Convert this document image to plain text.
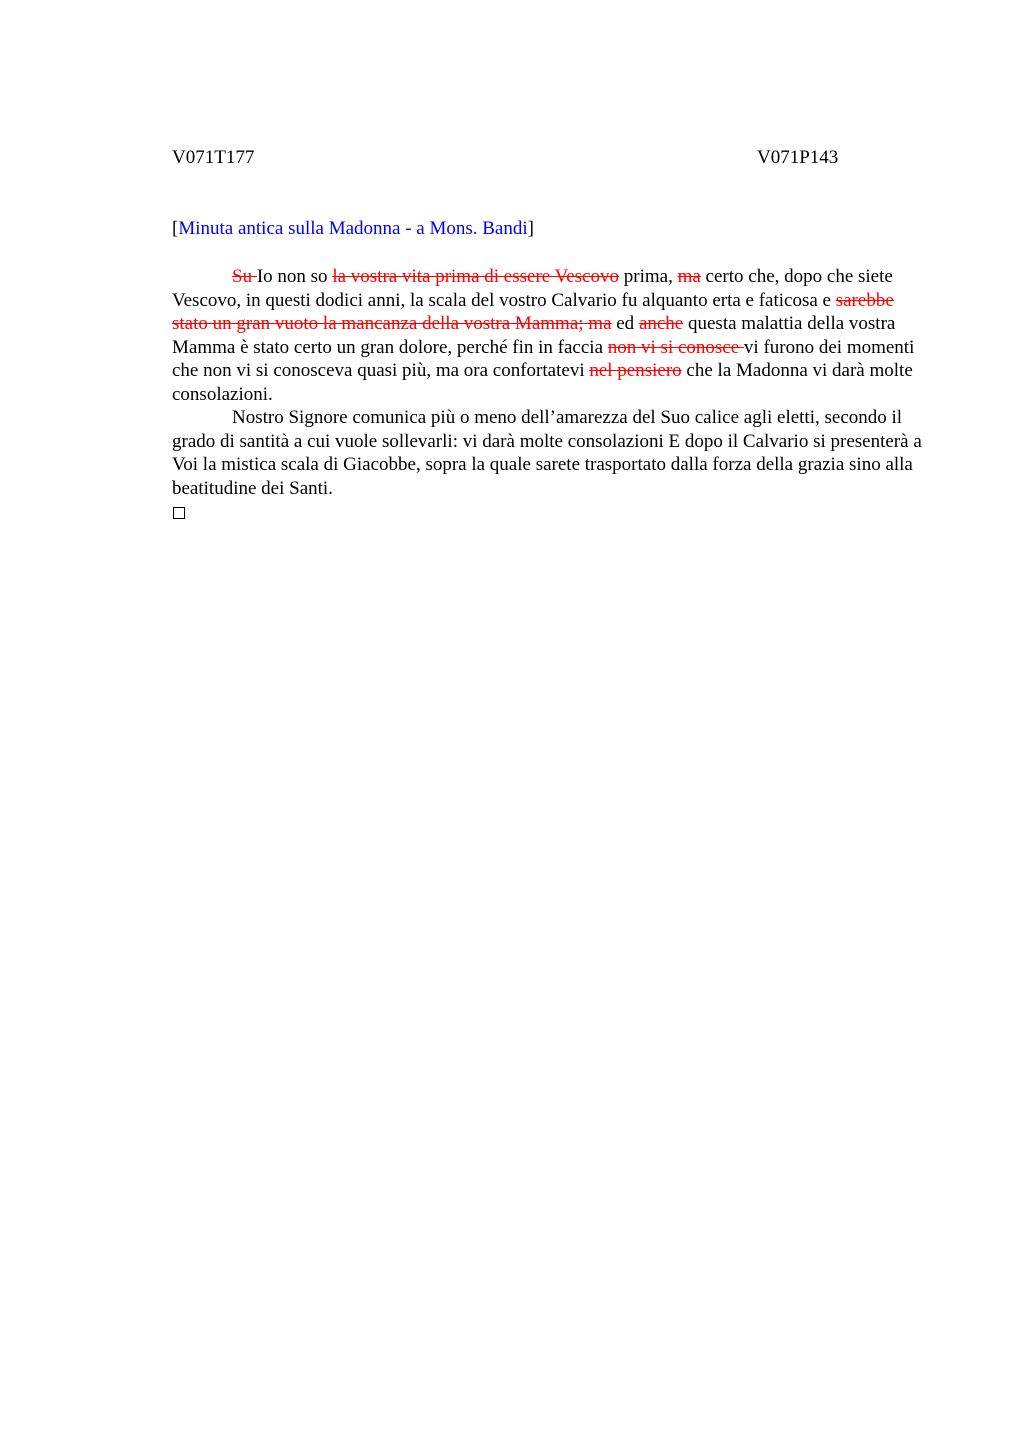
V071T177	V071P143
[Minuta antica sulla Madonna - a Mons. Bandi]

Su Io non so la vostra vita prima di essere Vescovo prima, ma certo che, dopo che siete Vescovo, in questi dodici anni, la scala del vostro Calvario fu alquanto erta e faticosa e sarebbe stato un gran vuoto la mancanza della vostra Mamma; ma ed anche questa malattia della vostra Mamma è stato certo un gran dolore, perché fin in faccia non vi si conosce vi furono dei momenti che non vi si conosceva quasi più, ma ora confortatevi nel pensiero che la Madonna vi darà molte consolazioni.

Nostro Signore comunica più o meno dell’amarezza del Suo calice agli eletti, secondo il grado di santità a cui vuole sollevarli: vi darà molte consolazioni E dopo il Calvario si presenterà a Voi la mistica scala di Giacobbe, sopra la quale sarete trasportato dalla forza della grazia sino alla beatitudine dei Santi.
